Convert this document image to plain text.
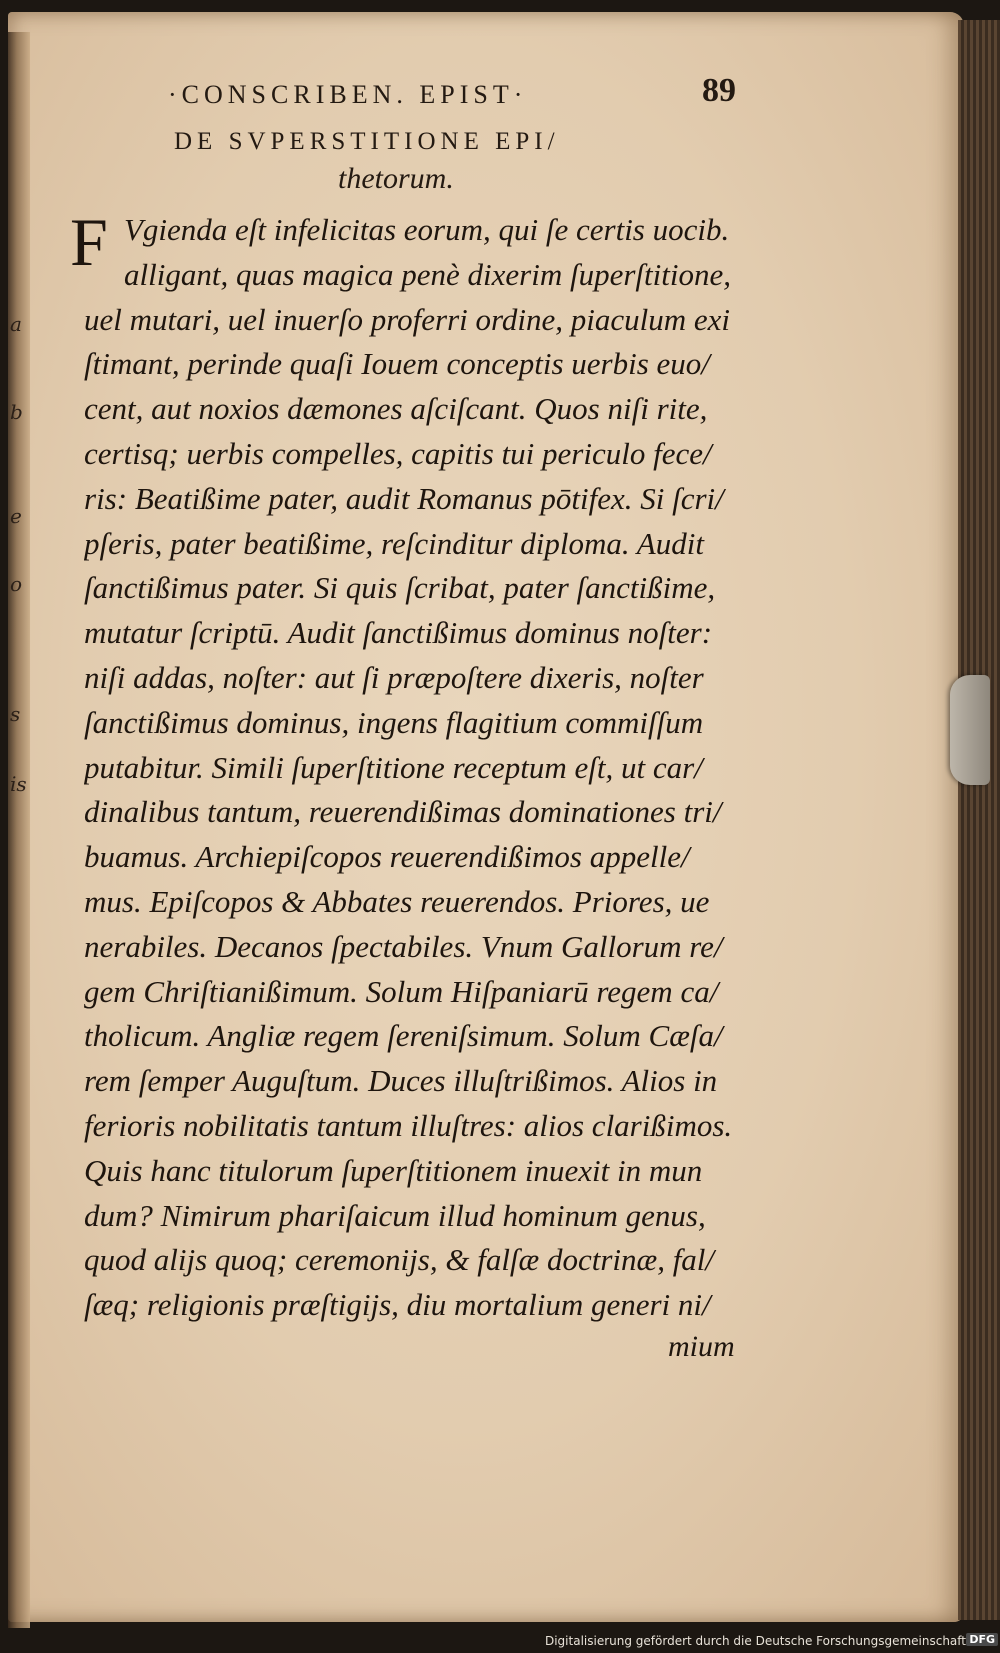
a
b
e
o
s
is
·CONSCRIBEN. EPIST·	89
DE SVPERSTITIONE EPI/
thetorum.
F Vgienda eſt infelicitas eorum, qui ſe certis uocib.
alligant, quas magica penè dixerim ſuperſtitione,
uel mutari, uel inuerſo proferri ordine, piaculum exi
ſtimant, perinde quaſi Iouem conceptis uerbis euo/
cent, aut noxios dæmones aſciſcant. Quos niſi rite,
certisq; uerbis compelles, capitis tui periculo fece/
ris: Beatißime pater, audit Romanus pōtifex. Si ſcri/
pſeris, pater beatißime, reſcinditur diploma. Audit
ſanctißimus pater. Si quis ſcribat, pater ſanctißime,
mutatur ſcriptū. Audit ſanctißimus dominus noſter:
niſi addas, noſter: aut ſi præpoſtere dixeris, noſter
ſanctißimus dominus, ingens flagitium commiſſum
putabitur. Simili ſuperſtitione receptum eſt, ut car/
dinalibus tantum, reuerendißimas dominationes tri/
buamus. Archiepiſcopos reuerendißimos appelle/
mus. Epiſcopos & Abbates reuerendos. Priores, ue
nerabiles. Decanos ſpectabiles. Vnum Gallorum re/
gem Chriſtianißimum. Solum Hiſpaniarū regem ca/
tholicum. Angliæ regem ſereniſsimum. Solum Cæſa/
rem ſemper Auguſtum. Duces illuſtrißimos. Alios in
ferioris nobilitatis tantum illuſtres: alios clarißimos.
Quis hanc titulorum ſuperſtitionem inuexit in mun
dum? Nimirum phariſaicum illud hominum genus,
quod alijs quoq; ceremonijs, & falſæ doctrinæ, fal/
ſæq; religionis præſtigijs, diu mortalium generi ni/
mium
Digitalisierung gefördert durch die Deutsche Forschungsgemeinschaft DFG
